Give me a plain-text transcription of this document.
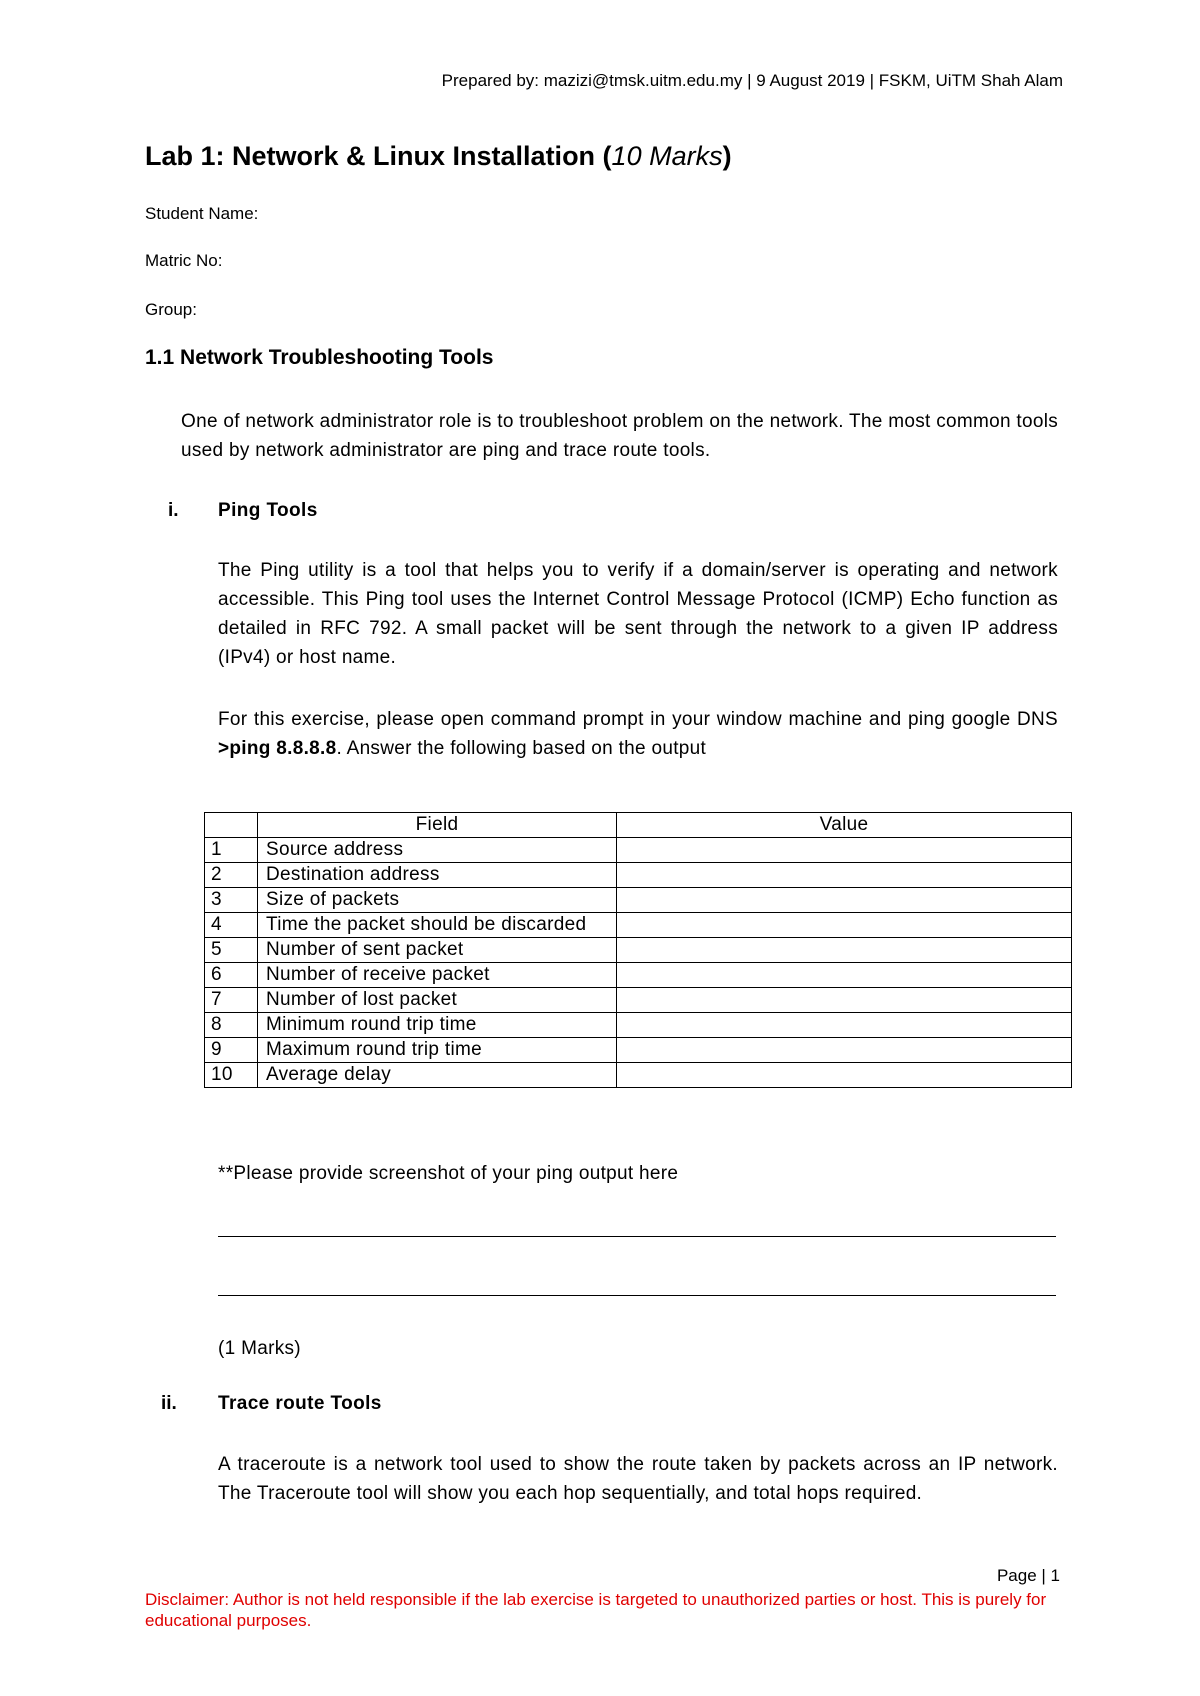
Prepared by: mazizi@tmsk.uitm.edu.my | 9 August 2019 | FSKM, UiTM Shah Alam
Lab 1: Network & Linux Installation (10 Marks)
Student Name:
Matric No:
Group:
1.1 Network Troubleshooting Tools

One of network administrator role is to troubleshoot problem on the network. The most common tools used by network administrator are ping and trace route tools.

i. Ping Tools

The Ping utility is a tool that helps you to verify if a domain/server is operating and network accessible. This Ping tool uses the Internet Control Message Protocol (ICMP) Echo function as detailed in RFC 792. A small packet will be sent through the network to a given IP address (IPv4) or host name.

For this exercise, please open command prompt in your window machine and ping google DNS >ping 8.8.8.8. Answer the following based on the output

	Field	Value
1	Source address	
2	Destination address	
3	Size of packets	
4	Time the packet should be discarded	
5	Number of sent packet	
6	Number of receive packet	
7	Number of lost packet	
8	Minimum round trip time	
9	Maximum round trip time	
10	Average delay	

**Please provide screenshot of your ping output here

(1 Marks)

ii. Trace route Tools

A traceroute is a network tool used to show the route taken by packets across an IP network. The Traceroute tool will show you each hop sequentially, and total hops required.

Page | 1

Disclaimer: Author is not held responsible if the lab exercise is targeted to unauthorized parties or host. This is purely for educational purposes.
